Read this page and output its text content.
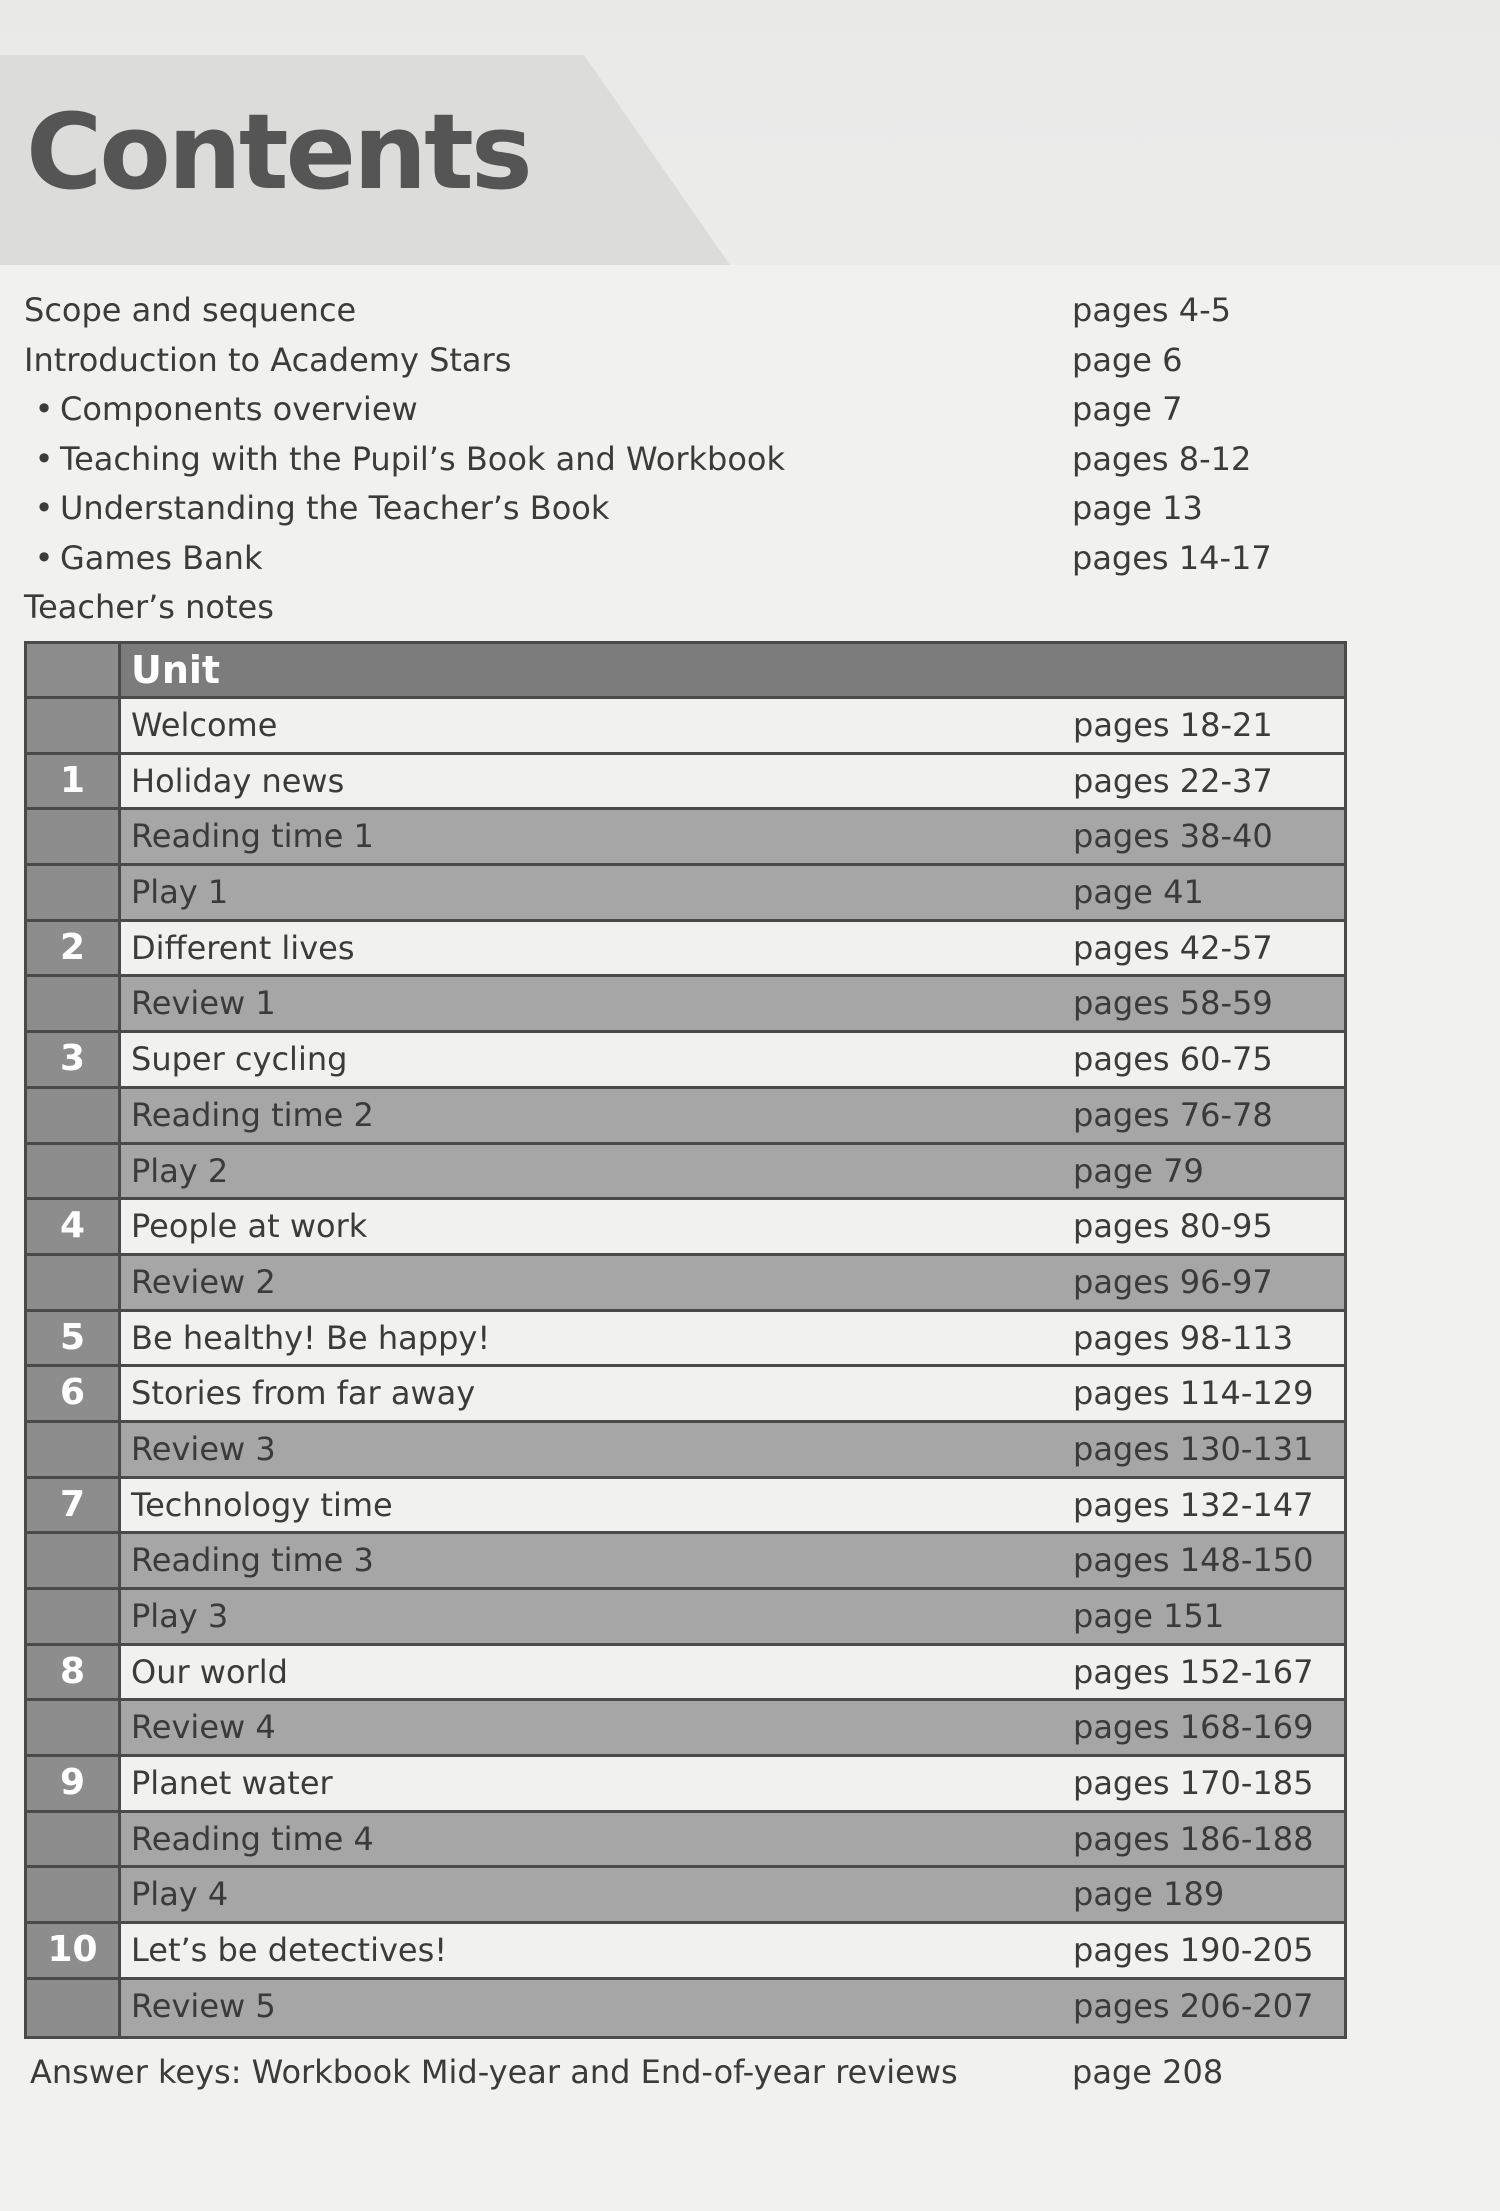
Contents
Scope and sequence	pages 4-5
Introduction to Academy Stars	page 6
• Components overview	page 7
• Teaching with the Pupil’s Book and Workbook	pages 8-12
• Understanding the Teacher’s Book	page 13
• Games Bank	pages 14-17
Teacher’s notes
Unit
Welcome	pages 18-21
1	Holiday news	pages 22-37
Reading time 1	pages 38-40
Play 1	page 41
2	Different lives	pages 42-57
Review 1	pages 58-59
3	Super cycling	pages 60-75
Reading time 2	pages 76-78
Play 2	page 79
4	People at work	pages 80-95
Review 2	pages 96-97
5	Be healthy! Be happy!	pages 98-113
6	Stories from far away	pages 114-129
Review 3	pages 130-131
7	Technology time	pages 132-147
Reading time 3	pages 148-150
Play 3	page 151
8	Our world	pages 152-167
Review 4	pages 168-169
9	Planet water	pages 170-185
Reading time 4	pages 186-188
Play 4	page 189
10	Let’s be detectives!	pages 190-205
Review 5	pages 206-207
Answer keys: Workbook Mid-year and End-of-year reviews	page 208
